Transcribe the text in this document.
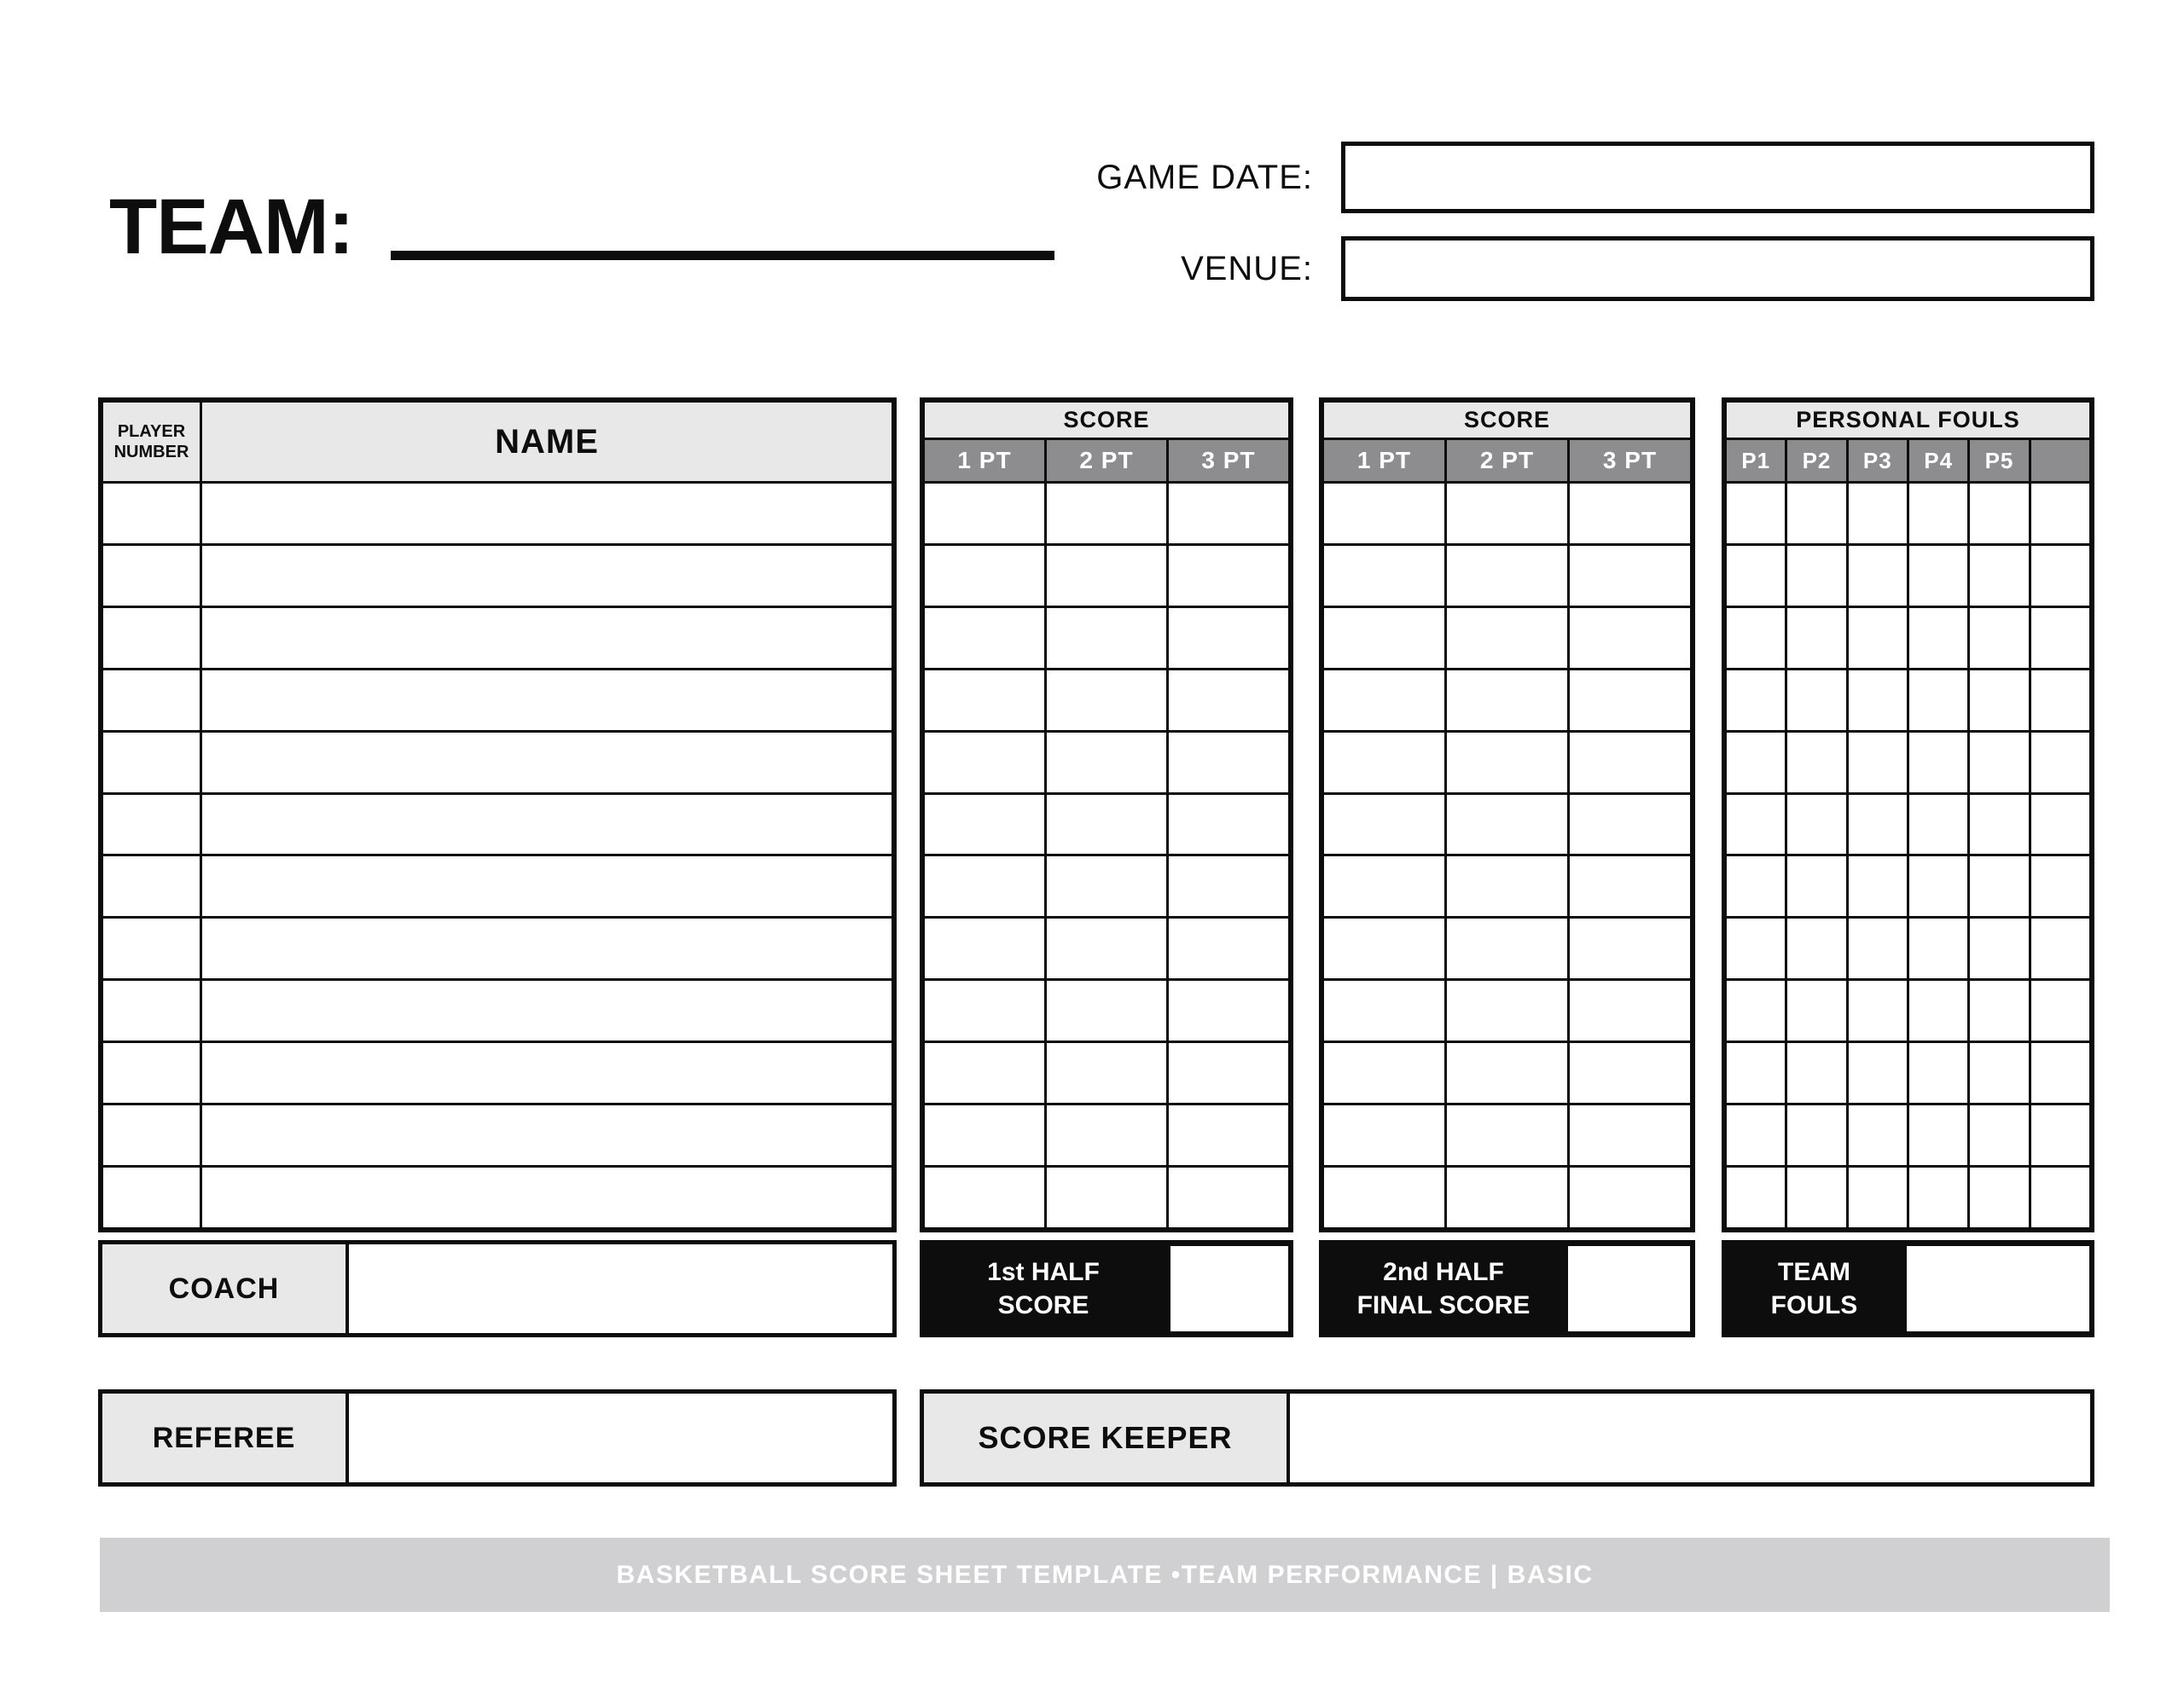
TEAM:
GAME DATE:
VENUE:
PLAYER
NUMBER	NAME
SCORE
1 PT	2 PT	3 PT
SCORE
1 PT	2 PT	3 PT
PERSONAL FOULS
P1	P2	P3	P4	P5
COACH	1st HALF
SCORE
2nd HALF
FINAL SCORE
TEAM
FOULS
REFEREE	SCORE KEEPER
BASKETBALL SCORE SHEET TEMPLATE •TEAM PERFORMANCE | BASIC
